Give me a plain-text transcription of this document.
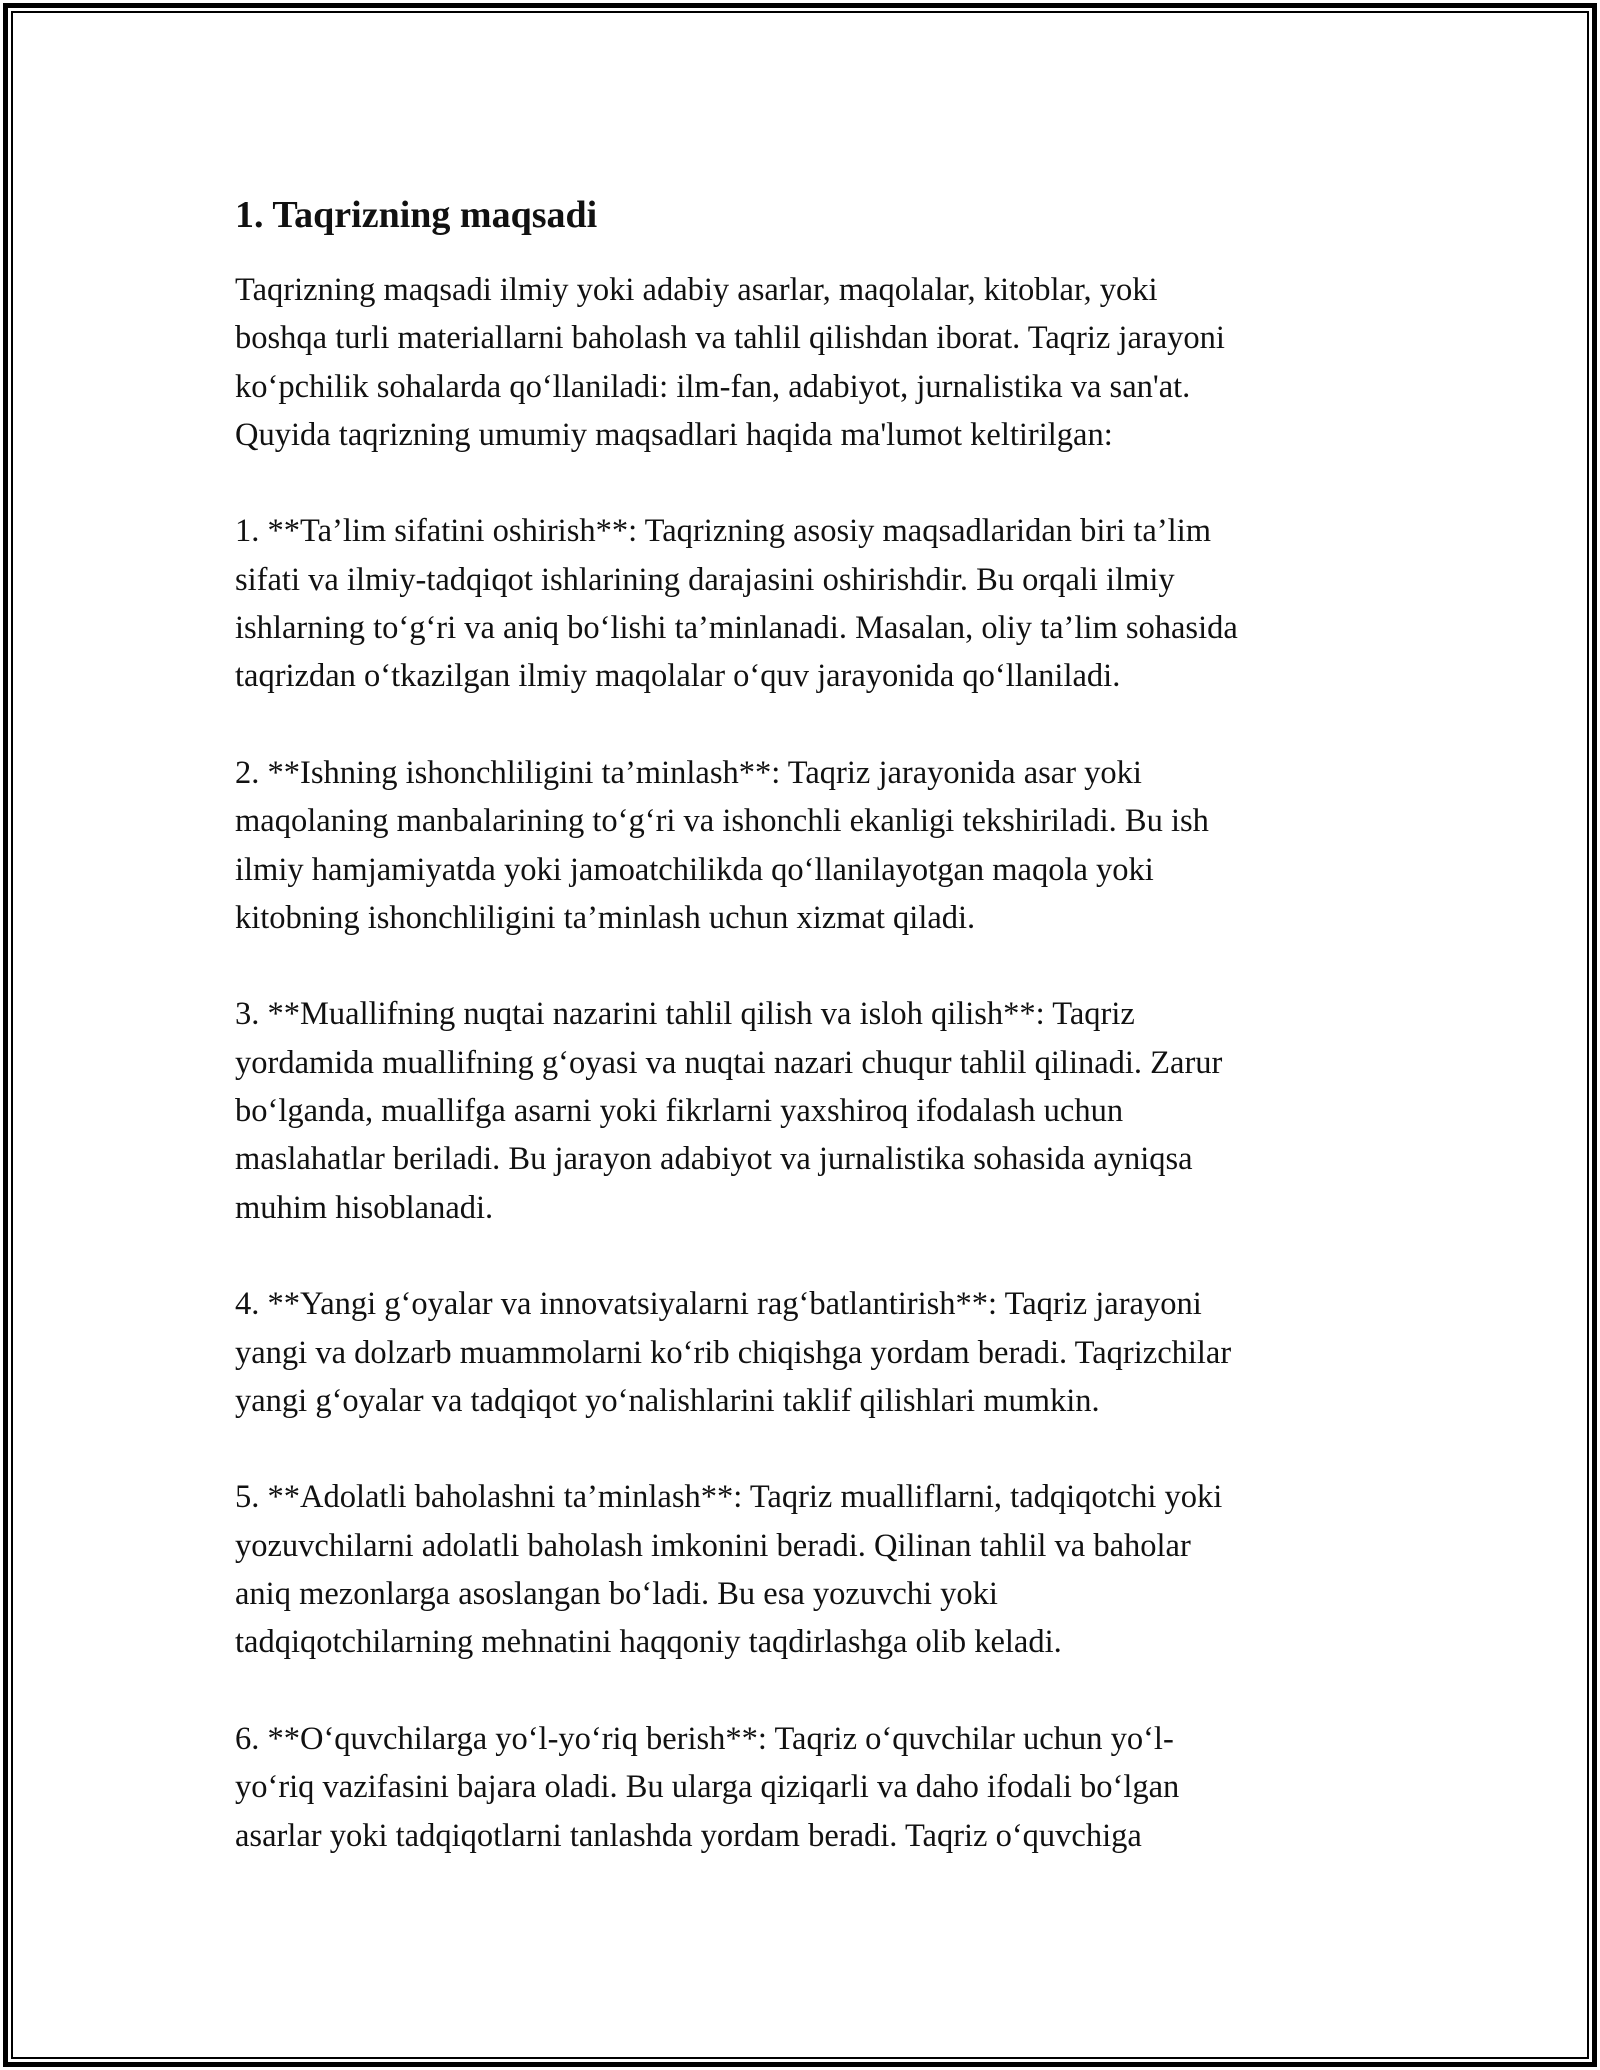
1. Taqrizning maqsadi

Taqrizning maqsadi ilmiy yoki adabiy asarlar, maqolalar, kitoblar, yoki
boshqa turli materiallarni baholash va tahlil qilishdan iborat. Taqriz jarayoni
ko‘pchilik sohalarda qo‘llaniladi: ilm-fan, adabiyot, jurnalistika va san'at.
Quyida taqrizning umumiy maqsadlari haqida ma'lumot keltirilgan:

1. **Ta’lim sifatini oshirish**: Taqrizning asosiy maqsadlaridan biri ta’lim
sifati va ilmiy-tadqiqot ishlarining darajasini oshirishdir. Bu orqali ilmiy
ishlarning to‘g‘ri va aniq bo‘lishi ta’minlanadi. Masalan, oliy ta’lim sohasida
taqrizdan o‘tkazilgan ilmiy maqolalar o‘quv jarayonida qo‘llaniladi.

2. **Ishning ishonchliligini ta’minlash**: Taqriz jarayonida asar yoki
maqolaning manbalarining to‘g‘ri va ishonchli ekanligi tekshiriladi. Bu ish
ilmiy hamjamiyatda yoki jamoatchilikda qo‘llanilayotgan maqola yoki
kitobning ishonchliligini ta’minlash uchun xizmat qiladi.

3. **Muallifning nuqtai nazarini tahlil qilish va isloh qilish**: Taqriz
yordamida muallifning g‘oyasi va nuqtai nazari chuqur tahlil qilinadi. Zarur
bo‘lganda, muallifga asarni yoki fikrlarni yaxshiroq ifodalash uchun
maslahatlar beriladi. Bu jarayon adabiyot va jurnalistika sohasida ayniqsa
muhim hisoblanadi.

4. **Yangi g‘oyalar va innovatsiyalarni rag‘batlantirish**: Taqriz jarayoni
yangi va dolzarb muammolarni ko‘rib chiqishga yordam beradi. Taqrizchilar
yangi g‘oyalar va tadqiqot yo‘nalishlarini taklif qilishlari mumkin.

5. **Adolatli baholashni ta’minlash**: Taqriz mualliflarni, tadqiqotchi yoki
yozuvchilarni adolatli baholash imkonini beradi. Qilinan tahlil va baholar
aniq mezonlarga asoslangan bo‘ladi. Bu esa yozuvchi yoki
tadqiqotchilarning mehnatini haqqoniy taqdirlashga olib keladi.

6. **O‘quvchilarga yo‘l-yo‘riq berish**: Taqriz o‘quvchilar uchun yo‘l-
yo‘riq vazifasini bajara oladi. Bu ularga qiziqarli va daho ifodali bo‘lgan
asarlar yoki tadqiqotlarni tanlashda yordam beradi. Taqriz o‘quvchiga
